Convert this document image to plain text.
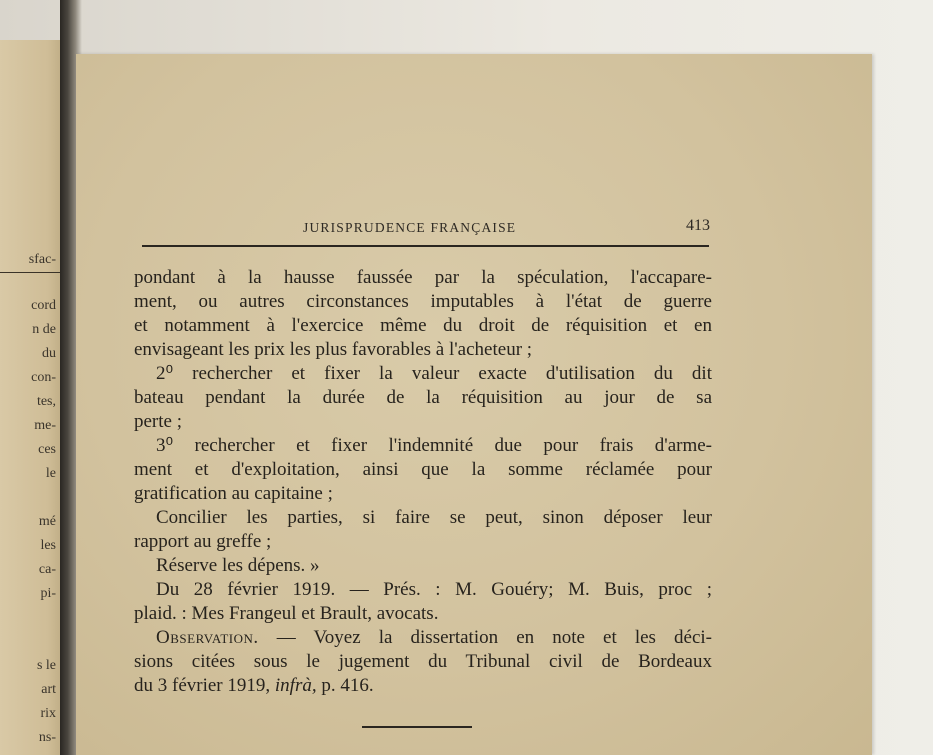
sfac-
cord
n de
du
con-
tes,
me-
ces
le
mé
les
ca-
pi-
s le
art
rix
ns-
JURISPRUDENCE FRANÇAISE	413
pondant à la hausse faussée par la spéculation, l'accapare-
ment, ou autres circonstances imputables à l'état de guerre
et notamment à l'exercice même du droit de réquisition et en
envisageant les prix les plus favorables à l'acheteur ;
2⁰ rechercher et fixer la valeur exacte d'utilisation du dit
bateau pendant la durée de la réquisition au jour de sa
perte ;
3⁰ rechercher et fixer l'indemnité due pour frais d'arme-
ment et d'exploitation, ainsi que la somme réclamée pour
gratification au capitaine ;
Concilier les parties, si faire se peut, sinon déposer leur
rapport au greffe ;
Réserve les dépens. »
Du 28 février 1919. — Prés. : M. Gouéry; M. Buis, proc ;
plaid. : Mes Frangeul et Brault, avocats.
Observation. — Voyez la dissertation en note et les déci-
sions citées sous le jugement du Tribunal civil de Bordeaux
du 3 février 1919, infrà, p. 416.
